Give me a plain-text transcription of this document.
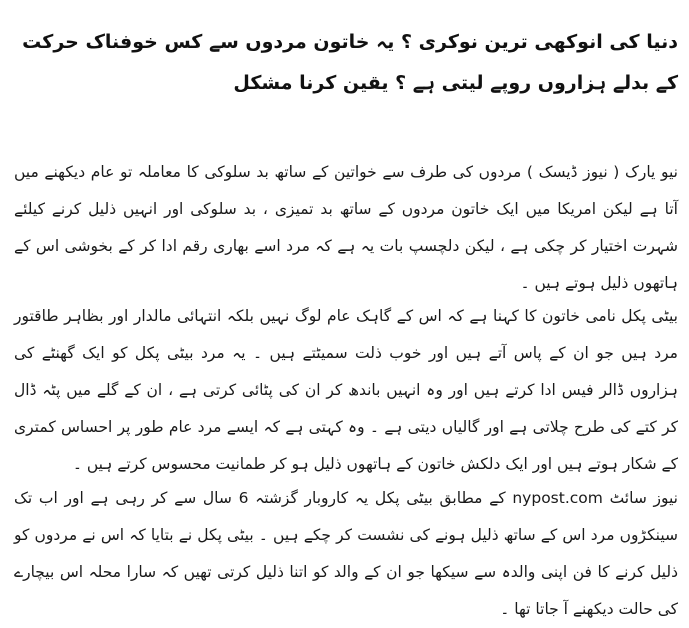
دنیا کی انوکھی ترین نوکری ؟ یہ خاتون مردوں سے کس خوفناک حرکت کے بدلے ہزاروں روپے لیتی ہے ؟ یقین کرنا مشکل

نیو یارک ( نیوز ڈیسک ) مردوں کی طرف سے خواتین کے ساتھ بد سلوکی کا معاملہ تو عام دیکھنے میں آتا ہے لیکن امریکا میں ایک خاتون مردوں کے ساتھ بد تمیزی ، بد سلوکی اور انہیں ذلیل کرنے کیلئے شہرت اختیار کر چکی ہے ، لیکن دلچسپ بات یہ ہے کہ مرد اسے بھاری رقم ادا کر کے بخوشی اس کے ہاتھوں ذلیل ہوتے ہیں ۔

بیٹی پکل نامی خاتون کا کہنا ہے کہ اس کے گاہک عام لوگ نہیں بلکہ انتہائی مالدار اور بظاہر طاقتور مرد ہیں جو ان کے پاس آتے ہیں اور خوب ذلت سمیٹتے ہیں ۔ یہ مرد بیٹی پکل کو ایک گھنٹے کی ہزاروں ڈالر فیس ادا کرتے ہیں اور وہ انہیں باندھ کر ان کی پٹائی کرتی ہے ، ان کے گلے میں پٹہ ڈال کر کتے کی طرح چلاتی ہے اور گالیاں دیتی ہے ۔ وہ کہتی ہے کہ ایسے مرد عام طور پر احساس کمتری کے شکار ہوتے ہیں اور ایک دلکش خاتون کے ہاتھوں ذلیل ہو کر طمانیت محسوس کرتے ہیں ۔

نیوز سائٹ nypost.com کے مطابق بیٹی پکل یہ کاروبار گزشتہ 6 سال سے کر رہی ہے اور اب تک سینکڑوں مرد اس کے ساتھ ذلیل ہونے کی نشست کر چکے ہیں ۔ بیٹی پکل نے بتایا کہ اس نے مردوں کو ذلیل کرنے کا فن اپنی والدہ سے سیکھا جو ان کے والد کو اتنا ذلیل کرتی تھیں کہ سارا محلہ اس بیچارے کی حالت دیکھنے آ جاتا تھا ۔
